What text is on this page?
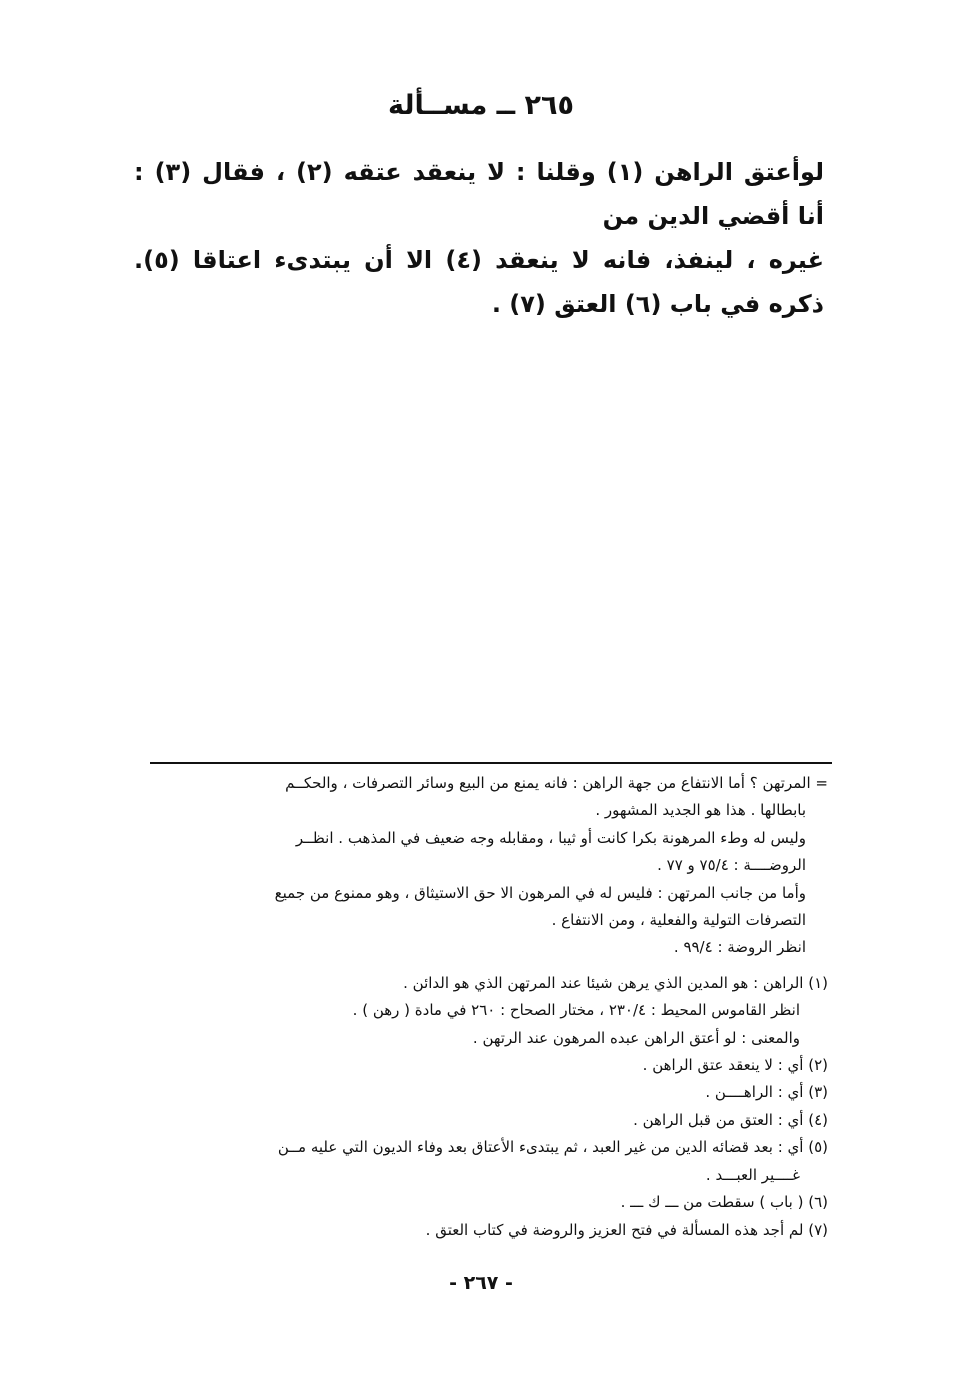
٢٦٥ ــ مســألة
لوأعتق الراهن (١) وقلنا : لا ينعقد عتقه (٢) ، فقال (٣) : أنا أقضي الدين من
غيره ، لينفذ، فانه لا ينعقد (٤) الا أن يبتدىء اعتاقا (٥). ذكره في باب (٦) العتق (٧) .
= المرتهن ؟ أما الانتفاع من جهة الراهن : فانه يمنع من البيع وسائر التصرفات ، والحكــم
بابطالها . هذا هو الجديد المشهور .
وليس له وطء المرهونة بكرا كانت أو ثيبا ، ومقابله وجه ضعيف في المذهب . انظــر
الروضــــة : ٧٥/٤ و ٧٧ .
وأما من جانب المرتهن : فليس له في المرهون الا حق الاستيثاق ، وهو ممنوع من جميع
التصرفات التولية والفعلية ، ومن الانتفاع .
انظر الروضة : ٩٩/٤ .
(١) الراهن : هو المدين الذي يرهن شيئا عند المرتهن الذي هو الدائن .
انظر القاموس المحيط : ٢٣٠/٤ ، مختار الصحاح : ٢٦٠ في مادة ( رهن ) .
والمعنى : لو أعتق الراهن عبده المرهون عند الرتهن .
(٢) أي : لا ينعقد عتق الراهن .
(٣) أي : الراهــــن .
(٤) أي : العتق من قبل الراهن .
(٥) أي : بعد قضائه الدين من غير العبد ، ثم يبتدىء الأعتاق بعد وفاء الديون التي عليه مــن
غــــير العبـــد .
(٦) ( باب ) سقطت من ـــ ك ـــ .
(٧) لم أجد هذه المسألة في فتح العزيز والروضة في كتاب العتق .
- ٢٦٧ -
